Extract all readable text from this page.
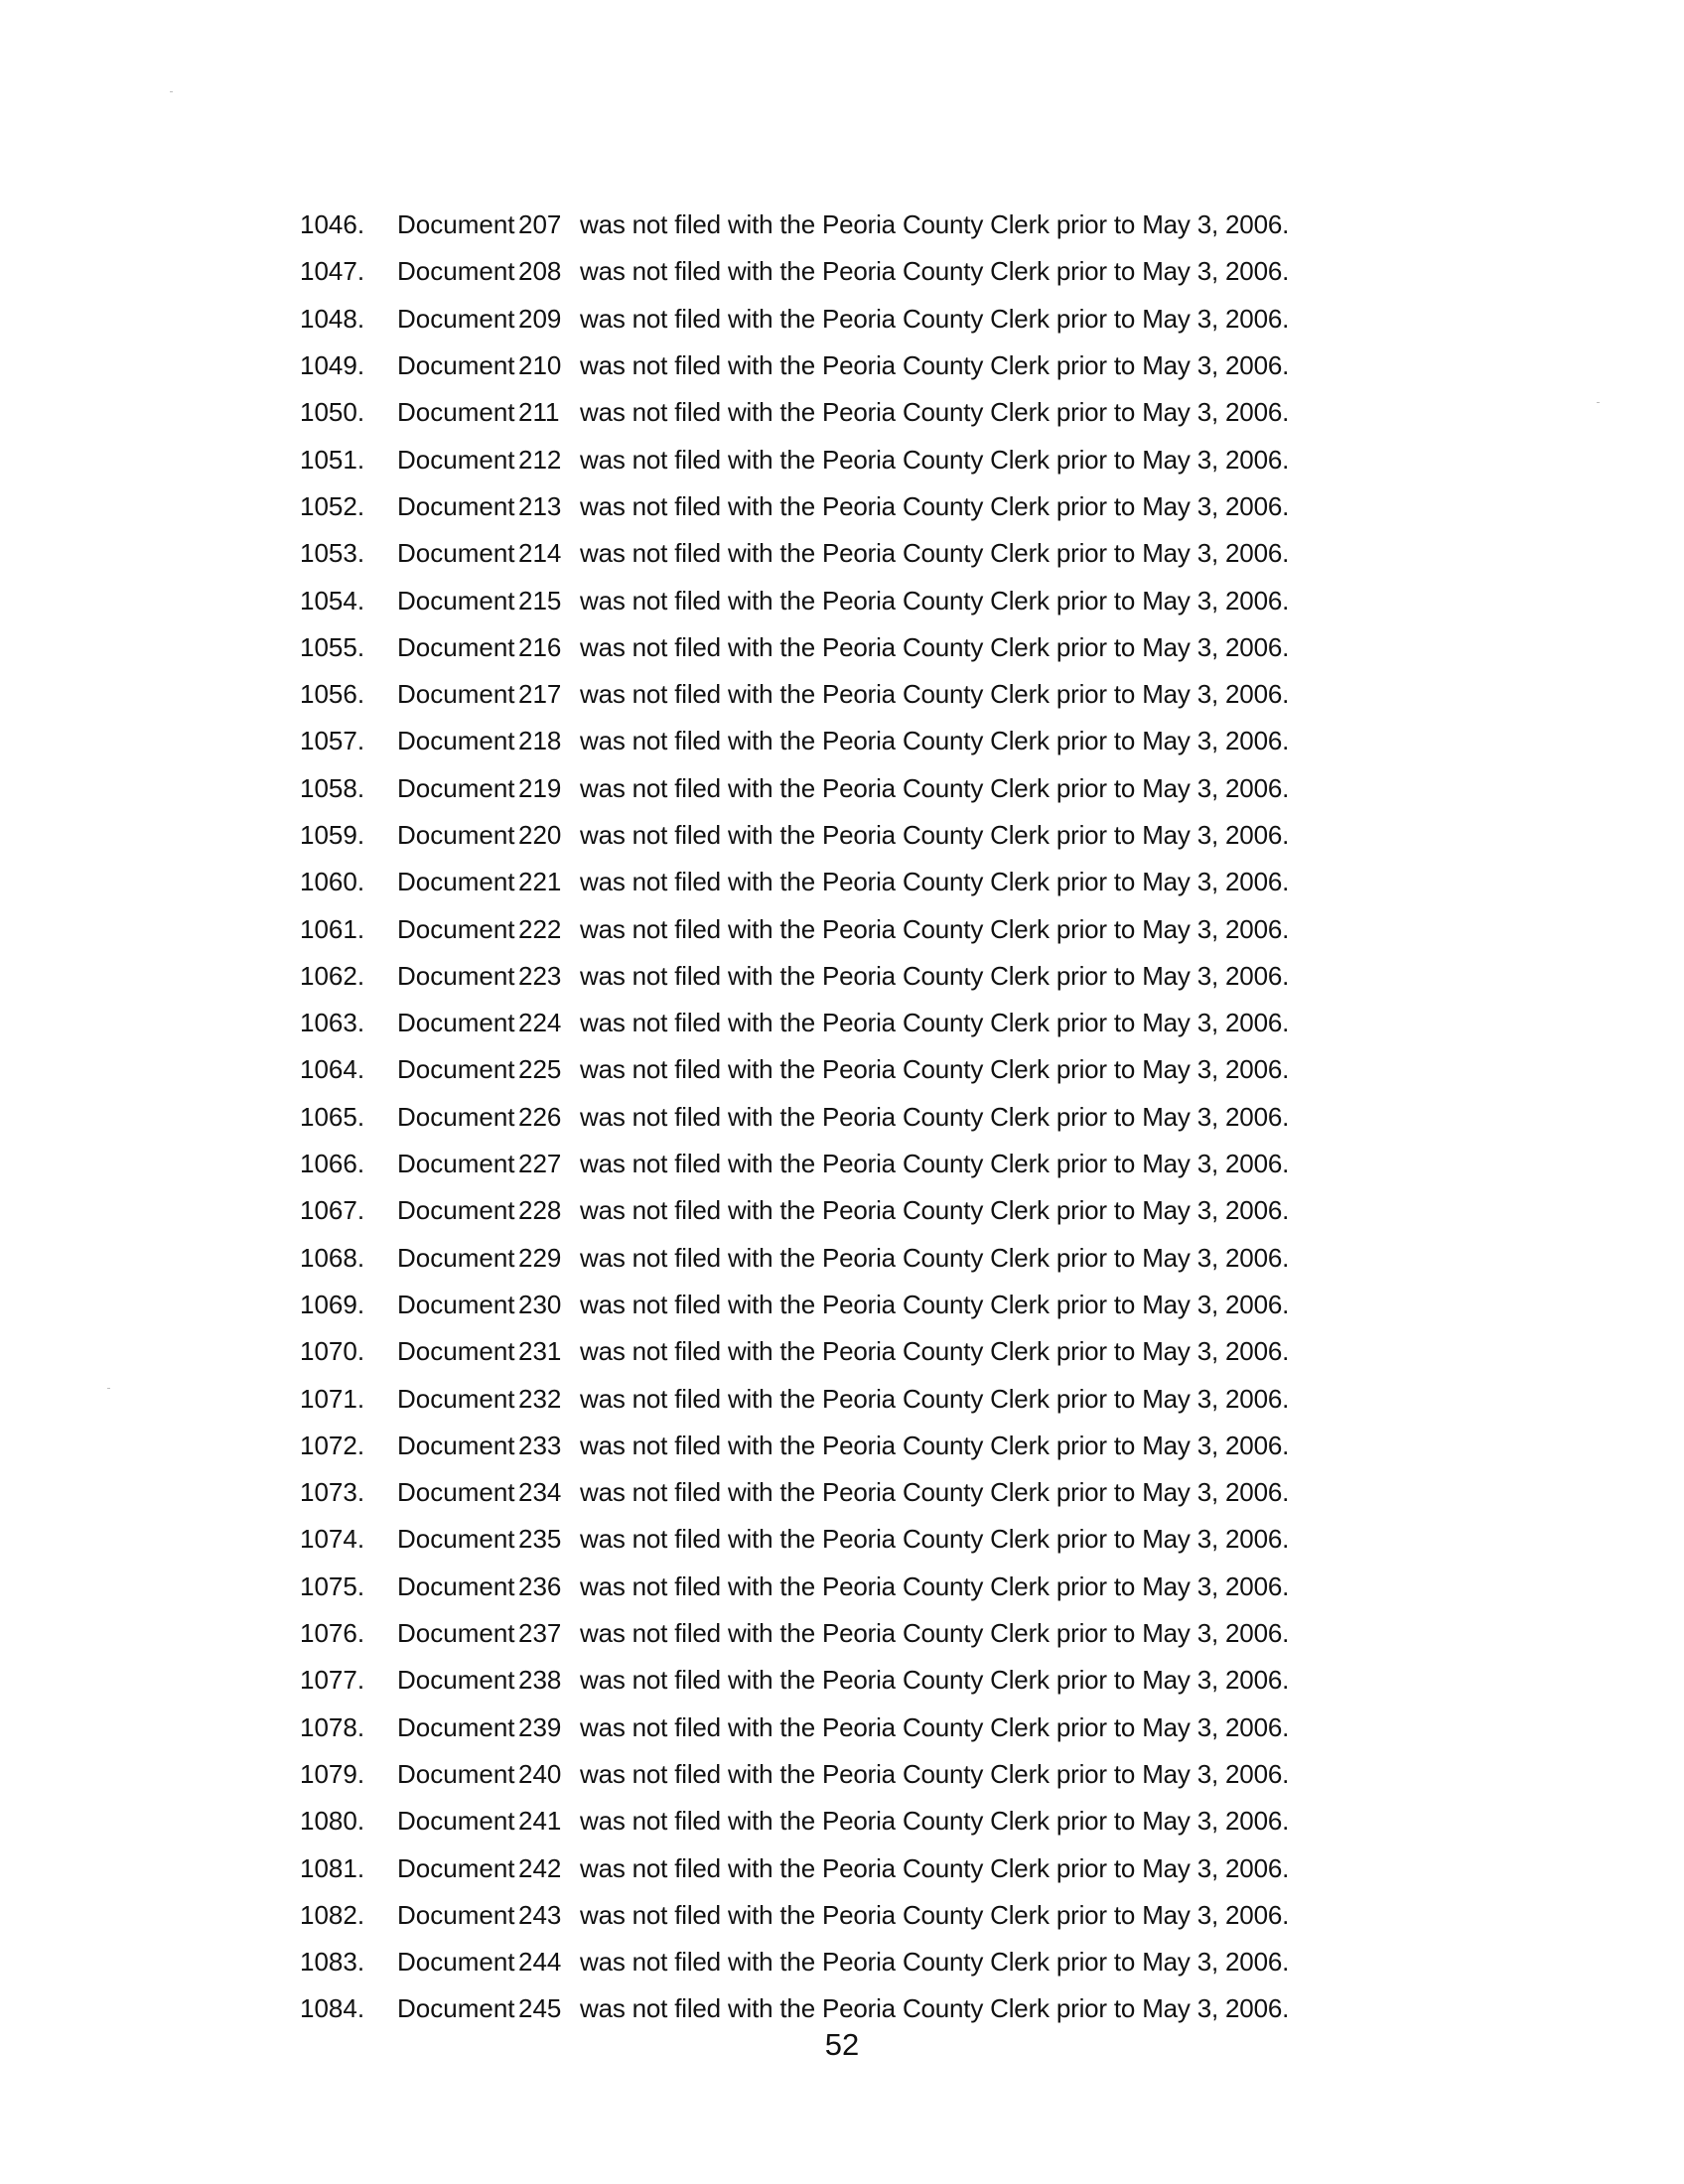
1046.	Document 207 was not filed with the Peoria County Clerk prior to May 3, 2006.
1047.	Document 208 was not filed with the Peoria County Clerk prior to May 3, 2006.
1048.	Document 209 was not filed with the Peoria County Clerk prior to May 3, 2006.
1049.	Document 210 was not filed with the Peoria County Clerk prior to May 3, 2006.
1050.	Document 211 was not filed with the Peoria County Clerk prior to May 3, 2006.
1051.	Document 212 was not filed with the Peoria County Clerk prior to May 3, 2006.
1052.	Document 213 was not filed with the Peoria County Clerk prior to May 3, 2006.
1053.	Document 214 was not filed with the Peoria County Clerk prior to May 3, 2006.
1054.	Document 215 was not filed with the Peoria County Clerk prior to May 3, 2006.
1055.	Document 216 was not filed with the Peoria County Clerk prior to May 3, 2006.
1056.	Document 217 was not filed with the Peoria County Clerk prior to May 3, 2006.
1057.	Document 218 was not filed with the Peoria County Clerk prior to May 3, 2006.
1058.	Document 219 was not filed with the Peoria County Clerk prior to May 3, 2006.
1059.	Document 220 was not filed with the Peoria County Clerk prior to May 3, 2006.
1060.	Document 221 was not filed with the Peoria County Clerk prior to May 3, 2006.
1061.	Document 222 was not filed with the Peoria County Clerk prior to May 3, 2006.
1062.	Document 223 was not filed with the Peoria County Clerk prior to May 3, 2006.
1063.	Document 224 was not filed with the Peoria County Clerk prior to May 3, 2006.
1064.	Document 225 was not filed with the Peoria County Clerk prior to May 3, 2006.
1065.	Document 226 was not filed with the Peoria County Clerk prior to May 3, 2006.
1066.	Document 227 was not filed with the Peoria County Clerk prior to May 3, 2006.
1067.	Document 228 was not filed with the Peoria County Clerk prior to May 3, 2006.
1068.	Document 229 was not filed with the Peoria County Clerk prior to May 3, 2006.
1069.	Document 230 was not filed with the Peoria County Clerk prior to May 3, 2006.
1070.	Document 231 was not filed with the Peoria County Clerk prior to May 3, 2006.
1071.	Document 232 was not filed with the Peoria County Clerk prior to May 3, 2006.
1072.	Document 233 was not filed with the Peoria County Clerk prior to May 3, 2006.
1073.	Document 234 was not filed with the Peoria County Clerk prior to May 3, 2006.
1074.	Document 235 was not filed with the Peoria County Clerk prior to May 3, 2006.
1075.	Document 236 was not filed with the Peoria County Clerk prior to May 3, 2006.
1076.	Document 237 was not filed with the Peoria County Clerk prior to May 3, 2006.
1077.	Document 238 was not filed with the Peoria County Clerk prior to May 3, 2006.
1078.	Document 239 was not filed with the Peoria County Clerk prior to May 3, 2006.
1079.	Document 240 was not filed with the Peoria County Clerk prior to May 3, 2006.
1080.	Document 241 was not filed with the Peoria County Clerk prior to May 3, 2006.
1081.	Document 242 was not filed with the Peoria County Clerk prior to May 3, 2006.
1082.	Document 243 was not filed with the Peoria County Clerk prior to May 3, 2006.
1083.	Document 244 was not filed with the Peoria County Clerk prior to May 3, 2006.
1084.	Document 245 was not filed with the Peoria County Clerk prior to May 3, 2006.
52
